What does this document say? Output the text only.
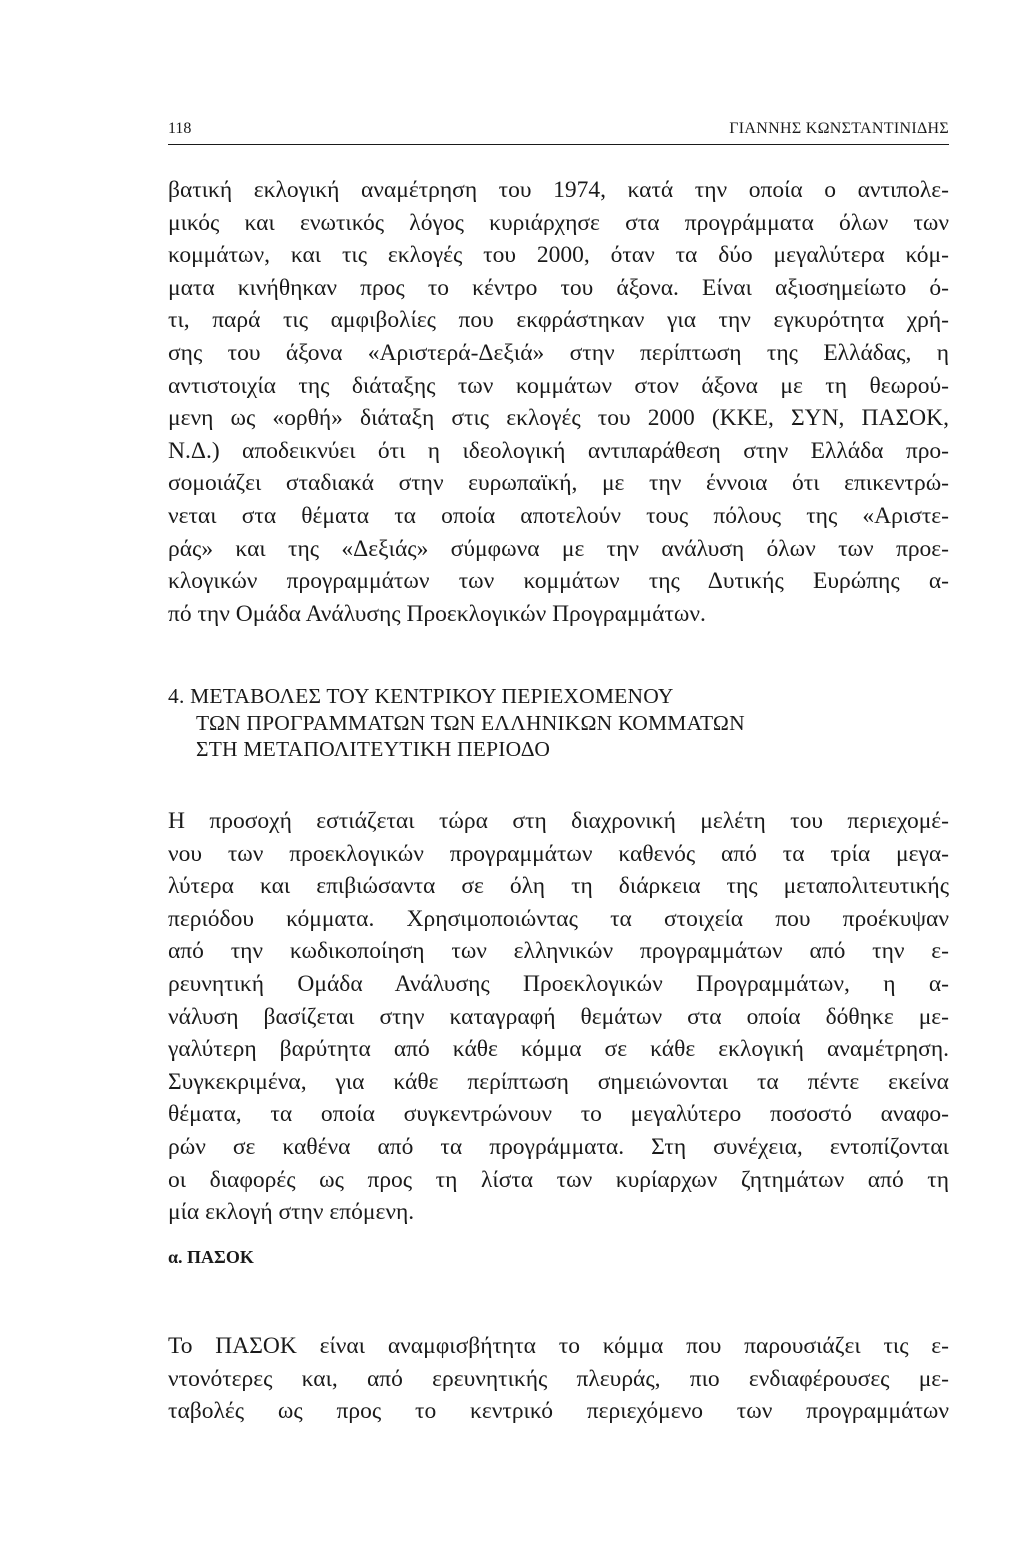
118	ΓΙΑΝΝΗΣ ΚΩΝΣΤΑΝΤΙΝΙΔΗΣ
βατική εκλογική αναμέτρηση του 1974, κατά την οποία ο αντιπολε-
μικός και ενωτικός λόγος κυριάρχησε στα προγράμματα όλων των
κομμάτων, και τις εκλογές του 2000, όταν τα δύο μεγαλύτερα κόμ-
ματα κινήθηκαν προς το κέντρο του άξονα. Είναι αξιοσημείωτο ό-
τι, παρά τις αμφιβολίες που εκφράστηκαν για την εγκυρότητα χρή-
σης του άξονα «Αριστερά-Δεξιά» στην περίπτωση της Ελλάδας, η
αντιστοιχία της διάταξης των κομμάτων στον άξονα με τη θεωρού-
μενη ως «ορθή» διάταξη στις εκλογές του 2000 (ΚΚΕ, ΣΥΝ, ΠΑΣΟΚ,
Ν.Δ.) αποδεικνύει ότι η ιδεολογική αντιπαράθεση στην Ελλάδα προ-
σομοιάζει σταδιακά στην ευρωπαϊκή, με την έννοια ότι επικεντρώ-
νεται στα θέματα τα οποία αποτελούν τους πόλους της «Αριστε-
ράς» και της «Δεξιάς» σύμφωνα με την ανάλυση όλων των προε-
κλογικών προγραμμάτων των κομμάτων της Δυτικής Ευρώπης α-
πό την Ομάδα Ανάλυσης Προεκλογικών Προγραμμάτων.
4. ΜΕΤΑΒΟΛΕΣ ΤΟΥ ΚΕΝΤΡΙΚΟΥ ΠΕΡΙΕΧΟΜΕΝΟΥ
ΤΩΝ ΠΡΟΓΡΑΜΜΑΤΩΝ ΤΩΝ ΕΛΛΗΝΙΚΩΝ ΚΟΜΜΑΤΩΝ
ΣΤΗ ΜΕΤΑΠΟΛΙΤΕΥΤΙΚΗ ΠΕΡΙΟΔΟ
Η προσοχή εστιάζεται τώρα στη διαχρονική μελέτη του περιεχομέ-
νου των προεκλογικών προγραμμάτων καθενός από τα τρία μεγα-
λύτερα και επιβιώσαντα σε όλη τη διάρκεια της μεταπολιτευτικής
περιόδου κόμματα. Χρησιμοποιώντας τα στοιχεία που προέκυψαν
από την κωδικοποίηση των ελληνικών προγραμμάτων από την ε-
ρευνητική Ομάδα Ανάλυσης Προεκλογικών Προγραμμάτων, η α-
νάλυση βασίζεται στην καταγραφή θεμάτων στα οποία δόθηκε με-
γαλύτερη βαρύτητα από κάθε κόμμα σε κάθε εκλογική αναμέτρηση.
Συγκεκριμένα, για κάθε περίπτωση σημειώνονται τα πέντε εκείνα
θέματα, τα οποία συγκεντρώνουν το μεγαλύτερο ποσοστό αναφο-
ρών σε καθένα από τα προγράμματα. Στη συνέχεια, εντοπίζονται
οι διαφορές ως προς τη λίστα των κυρίαρχων ζητημάτων από τη
μία εκλογή στην επόμενη.
α. ΠΑΣΟΚ
Το ΠΑΣΟΚ είναι αναμφισβήτητα το κόμμα που παρουσιάζει τις ε-
ντονότερες και, από ερευνητικής πλευράς, πιο ενδιαφέρουσες με-
ταβολές ως προς το κεντρικό περιεχόμενο των προγραμμάτων
